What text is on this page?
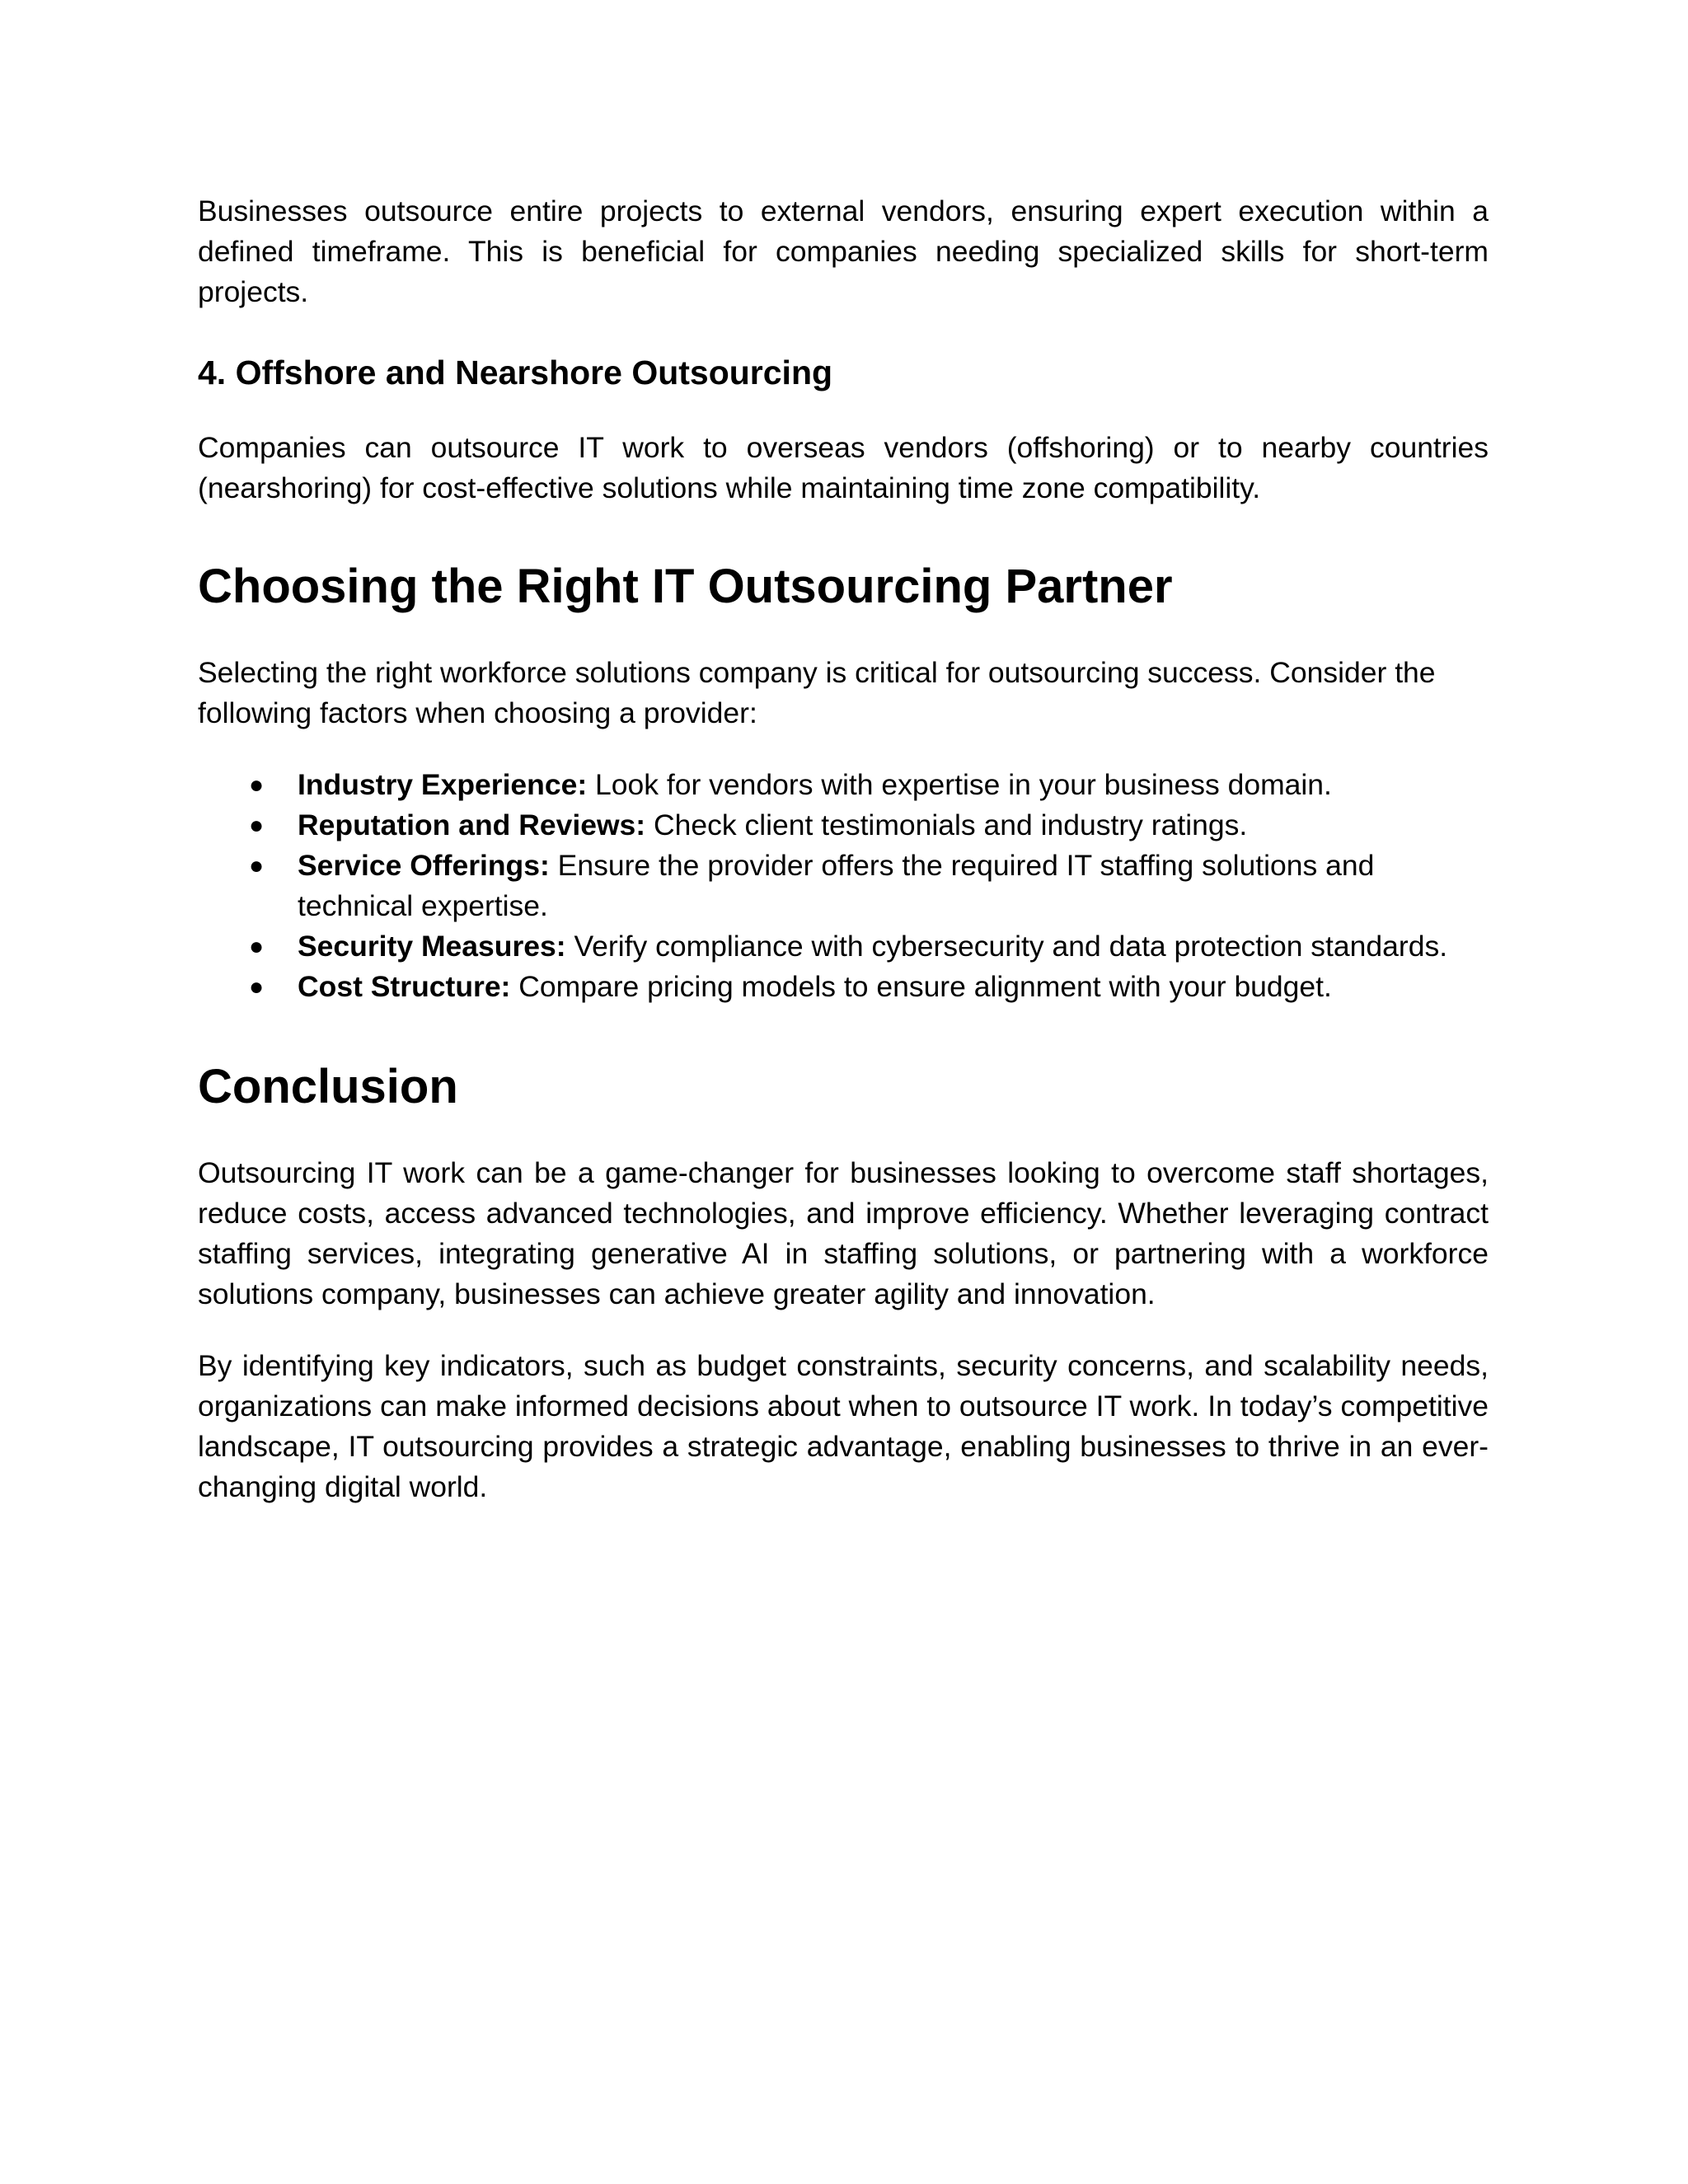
Businesses outsource entire projects to external vendors, ensuring expert execution within a defined timeframe. This is beneficial for companies needing specialized skills for short-term projects.

4. Offshore and Nearshore Outsourcing

Companies can outsource IT work to overseas vendors (offshoring) or to nearby countries (nearshoring) for cost-effective solutions while maintaining time zone compatibility.

Choosing the Right IT Outsourcing Partner

Selecting the right workforce solutions company is critical for outsourcing success. Consider the following factors when choosing a provider:

● Industry Experience: Look for vendors with expertise in your business domain.
● Reputation and Reviews: Check client testimonials and industry ratings.
● Service Offerings: Ensure the provider offers the required IT staffing solutions and technical expertise.
● Security Measures: Verify compliance with cybersecurity and data protection standards.
● Cost Structure: Compare pricing models to ensure alignment with your budget.
Conclusion

Outsourcing IT work can be a game-changer for businesses looking to overcome staff shortages, reduce costs, access advanced technologies, and improve efficiency. Whether leveraging contract staffing services, integrating generative AI in staffing solutions, or partnering with a workforce solutions company, businesses can achieve greater agility and innovation.

By identifying key indicators, such as budget constraints, security concerns, and scalability needs, organizations can make informed decisions about when to outsource IT work. In today’s competitive landscape, IT outsourcing provides a strategic advantage, enabling businesses to thrive in an ever-changing digital world.
